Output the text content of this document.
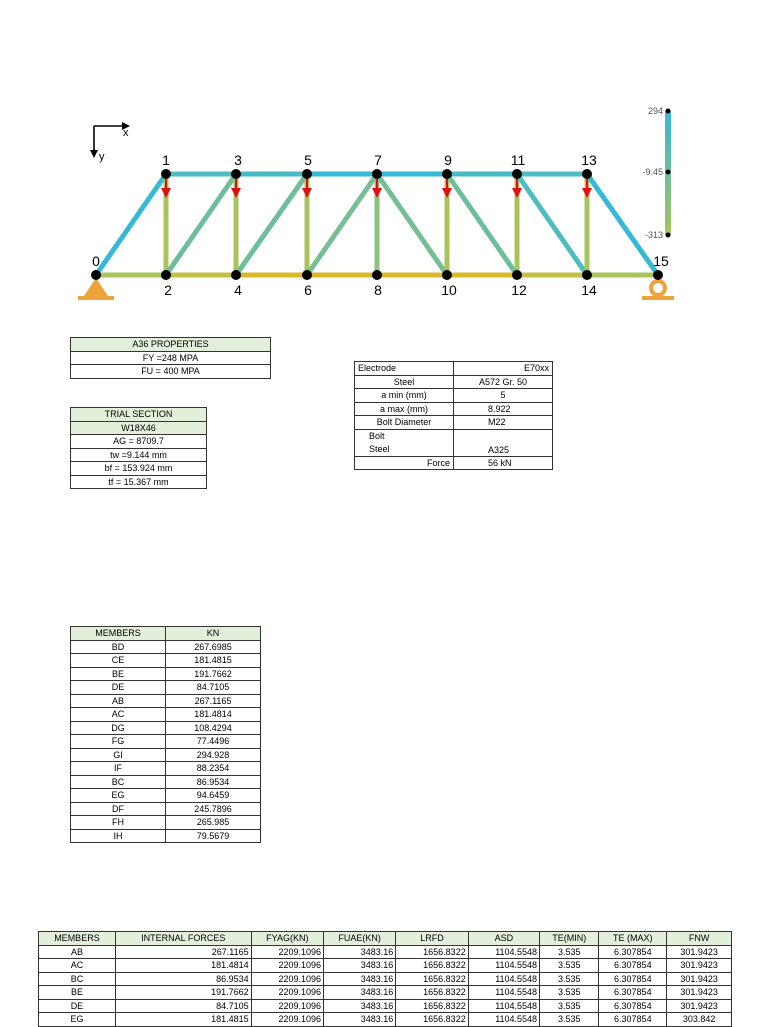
x
y	1	3	5	7	9	11	13
0
2	4	6	8	10	12	14
15
294
-9.45
-313
A36 PROPERTIES
FY =248 MPA
FU = 400 MPA
TRIAL SECTION
W18X46
AG = 8709.7
tw =9.144 mm
bf = 153.924 mm
tf = 15.367 mm
Electrode	E70xx
Steel	A572 Gr. 50
a min (mm)	5
a max (mm)	8.922
Bolt Diameter	M22
Bolt
Steel	A325
Force	56 kN
MEMBERS	KN
BD	267.6985
CE	181.4815
BE	191.7662
DE	84.7105
AB	267.1165
AC	181.4814
DG	108.4294
FG	77.4496
GI	294.928
IF	88.2354
BC	86.9534
EG	94.6459
DF	245.7896
FH	265.985
IH	79.5679
MEMBERS	INTERNAL FORCES	FYAG(KN)	FUAE(KN)	LRFD	ASD	TE(MIN)	TE (MAX)	FNW
AB	267.1165	2209.1096	3483.16	1656.8322	1104.5548	3.535	6.307854	301.9423
AC	181.4814	2209.1096	3483.16	1656.8322	1104.5548	3.535	6.307854	301.9423
BC	86.9534	2209.1096	3483.16	1656.8322	1104.5548	3.535	6.307854	301.9423
BE	191.7662	2209.1096	3483.16	1656.8322	1104.5548	3.535	6.307854	301.9423
DE	84.7105	2209.1096	3483.16	1656.8322	1104.5548	3.535	6.307854	301.9423
EG	181.4815	2209.1096	3483.16	1656.8322	1104.5548	3.535	6.307854	303.842
